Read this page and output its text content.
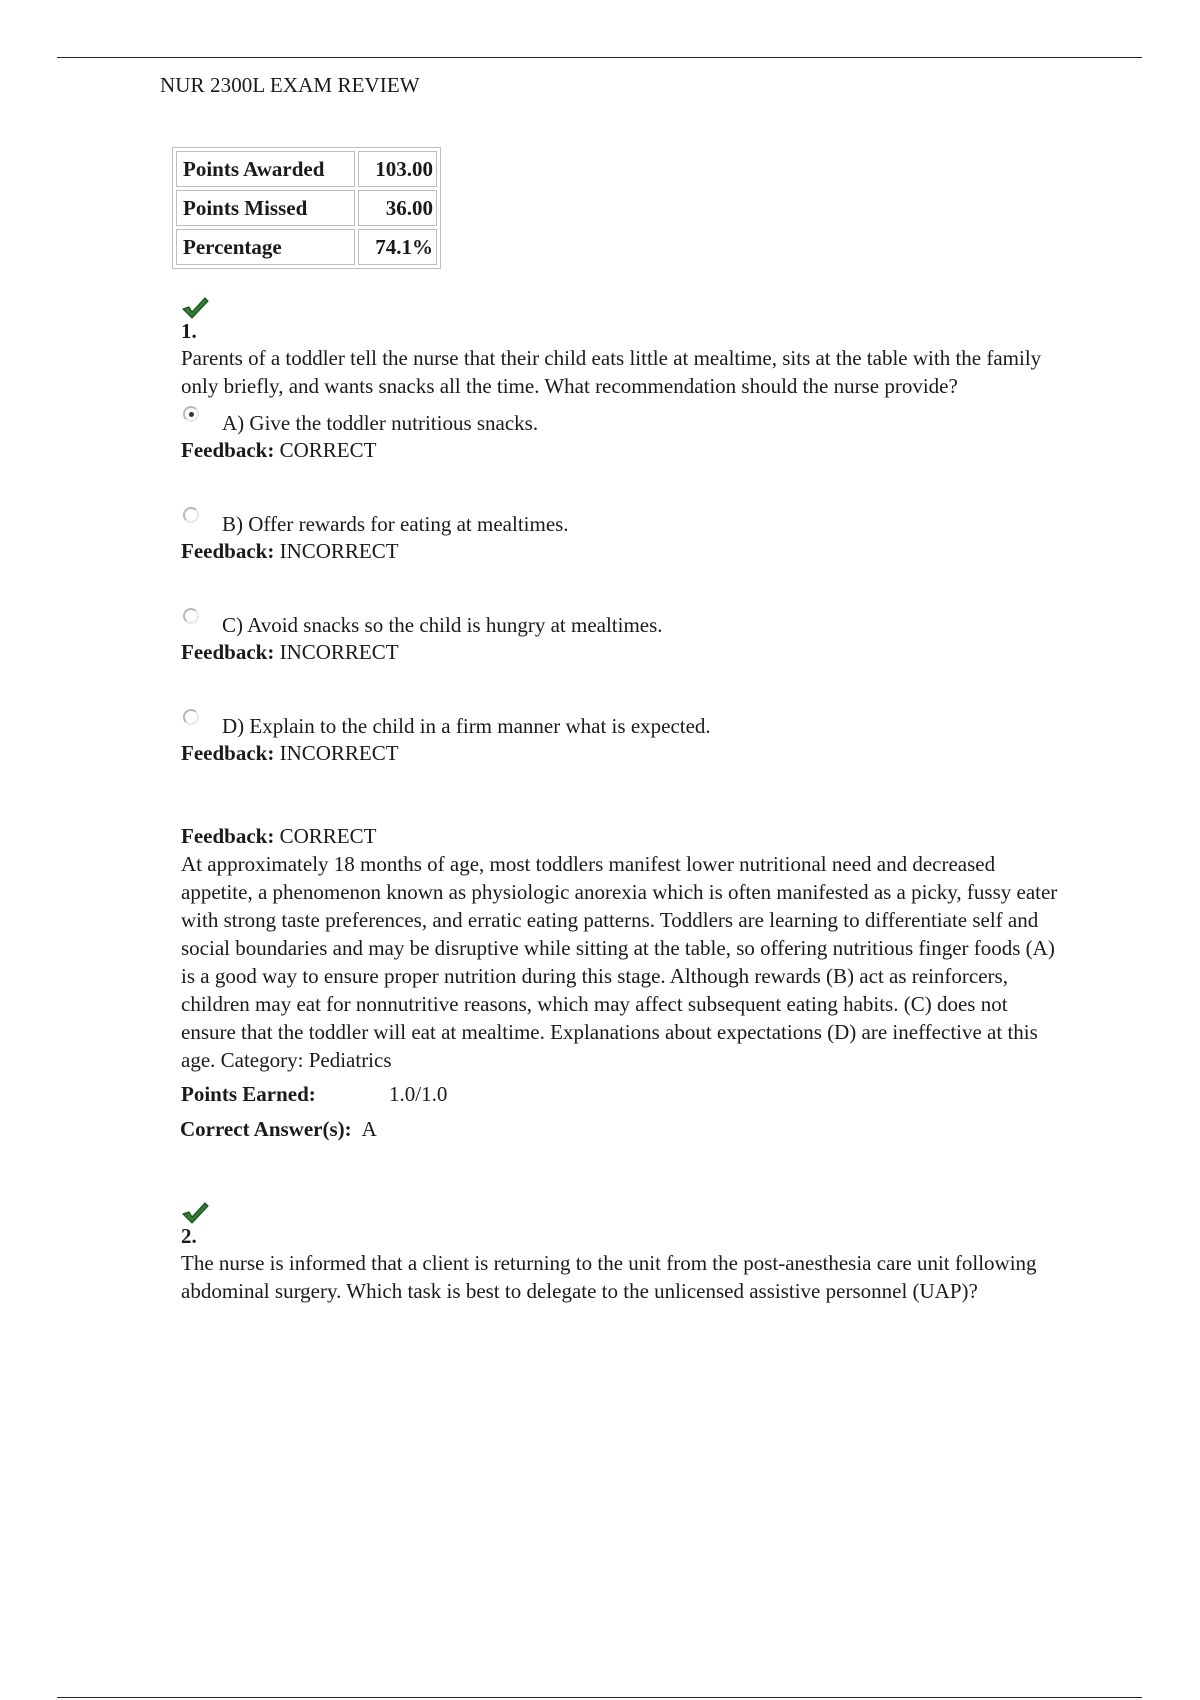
NUR 2300L EXAM REVIEW
Points Awarded	103.00
Points Missed	36.00
Percentage	74.1%
1.

Parents of a toddler tell the nurse that their child eats little at mealtime, sits at the table with the family only briefly, and wants snacks all the time. What recommendation should the nurse provide?

A) Give the toddler nutritious snacks.
Feedback: CORRECT
B) Offer rewards for eating at mealtimes.
Feedback: INCORRECT
C) Avoid snacks so the child is hungry at mealtimes.
Feedback: INCORRECT
D) Explain to the child in a firm manner what is expected.
Feedback: INCORRECT
Feedback: CORRECT

At approximately 18 months of age, most toddlers manifest lower nutritional need and decreased appetite, a phenomenon known as physiologic anorexia which is often manifested as a picky, fussy eater with strong taste preferences, and erratic eating patterns. Toddlers are learning to differentiate self and social boundaries and may be disruptive while sitting at the table, so offering nutritious finger foods (A) is a good way to ensure proper nutrition during this stage. Although rewards (B) act as reinforcers, children may eat for nonnutritive reasons, which may affect subsequent eating habits. (C) does not ensure that the toddler will eat at mealtime. Explanations about expectations (D) are ineffective at this age. Category: Pediatrics

Points Earned:	1.0/1.0
Correct Answer(s): A
2.

The nurse is informed that a client is returning to the unit from the post-anesthesia care unit following abdominal surgery. Which task is best to delegate to the unlicensed assistive personnel (UAP)?
